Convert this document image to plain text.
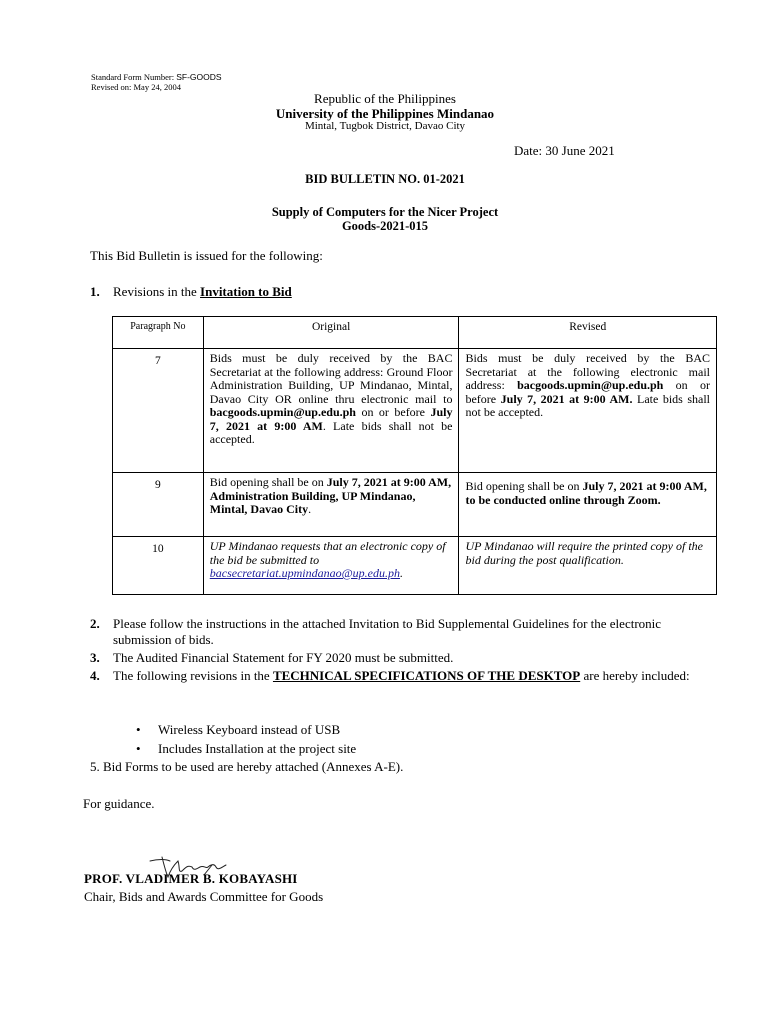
Standard Form Number: SF-GOODS
Revised on: May 24, 2004
Republic of the Philippines
University of the Philippines Mindanao
Mintal, Tugbok District, Davao City
Date: 30 June 2021
BID BULLETIN NO. 01-2021
Supply of Computers for the Nicer Project
Goods-2021-015
This Bid Bulletin is issued for the following:
1. Revisions in the Invitation to Bid
Paragraph No	Original	Revised
7	Bids must be duly received by the BAC Secretariat at the following address: Ground Floor Administration Building, UP Mindanao, Mintal, Davao City OR online thru electronic mail to bacgoods.upmin@up.edu.ph on or before July 7, 2021 at 9:00 AM. Late bids shall not be accepted.	Bids must be duly received by the BAC Secretariat at the following electronic mail address: bacgoods.upmin@up.edu.ph on or before July 7, 2021 at 9:00 AM. Late bids shall not be accepted.
9	Bid opening shall be on July 7, 2021 at 9:00 AM, Administration Building, UP Mindanao, Mintal, Davao City.	Bid opening shall be on July 7, 2021 at 9:00 AM, to be conducted online through Zoom.
10	UP Mindanao requests that an electronic copy of the bid be submitted to bacsecretariat.upmindanao@up.edu.ph.	UP Mindanao will require the printed copy of the bid during the post qualification.
2.	Please follow the instructions in the attached Invitation to Bid Supplemental Guidelines for the electronic submission of bids.
3.	The Audited Financial Statement for FY 2020 must be submitted.
4.	The following revisions in the TECHNICAL SPECIFICATIONS OF THE DESKTOP are hereby included:
•	Wireless Keyboard instead of USB
•	Includes Installation at the project site
5. Bid Forms to be used are hereby attached (Annexes A-E).
For guidance.
PROF. VLADIMER B. KOBAYASHI
Chair, Bids and Awards Committee for Goods
